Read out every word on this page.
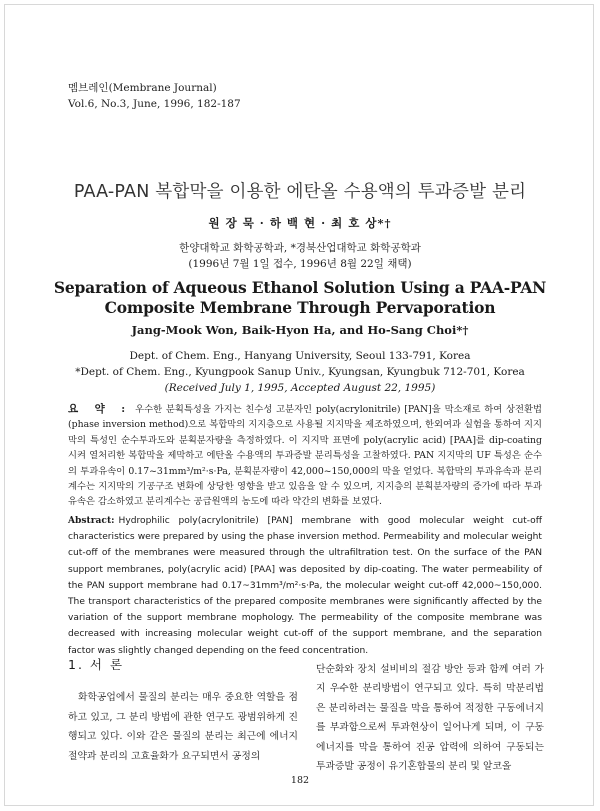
멤브레인(Membrane Journal)
Vol.6, No.3, June, 1996, 182-187
PAA-PAN 복합막을 이용한 에탄올 수용액의 투과증발 분리
원 장 묵 · 하 백 현 · 최 호 상*†
한양대학교 화학공학과, *경북산업대학교 화학공학과
(1996년 7월 1일 접수, 1996년 8월 22일 채택)
Separation of Aqueous Ethanol Solution Using a PAA-PAN
Composite Membrane Through Pervaporation
Jang-Mook Won, Baik-Hyon Ha, and Ho-Sang Choi*†
Dept. of Chem. Eng., Hanyang University, Seoul 133-791, Korea
*Dept. of Chem. Eng., Kyungpook Sanup Univ., Kyungsan, Kyungbuk 712-701, Korea
(Received July 1, 1995, Accepted August 22, 1995)
요 약 : 우수한 분획특성을 가지는 친수성 고분자인 poly(acrylonitrile) [PAN]을 막소재로 하여 상전환법(phase inversion method)으로 복합막의 지지층으로 사용될 지지막을 제조하였으며, 한외여과 실험을 통하여 지지막의 특성인 순수투과도와 분획분자량을 측정하였다. 이 지지막 표면에 poly(acrylic acid) [PAA]를 dip-coating 시켜 열처리한 복합막을 제막하고 에탄올 수용액의 투과증발 분리특성을 고찰하였다. PAN 지지막의 UF 특성은 순수의 투과유속이 0.17~31mm³/m²·s·Pa, 분획분자량이 42,000~150,000의 막을 얻었다. 복합막의 투과유속과 분리계수는 지지막의 기공구조 변화에 상당한 영향을 받고 있음을 알 수 있으며, 지지층의 분획분자량의 증가에 따라 투과유속은 감소하였고 분리계수는 공급원액의 농도에 따라 약간의 변화를 보였다.
Abstract: Hydrophilic poly(acrylonitrile) [PAN] membrane with good molecular weight cut-off characteristics were prepared by using the phase inversion method. Permeability and molecular weight cut-off of the membranes were measured through the ultrafiltration test. On the surface of the PAN support membranes, poly(acrylic acid) [PAA] was deposited by dip-coating. The water permeability of the PAN support membrane had 0.17~31mm³/m²·s·Pa, the molecular weight cut-off 42,000~150,000. The transport characteristics of the prepared composite membranes were significantly affected by the variation of the support membrane mophology. The permeability of the composite membrane was decreased with increasing molecular weight cut-off of the support membrane, and the separation factor was slightly changed depending on the feed concentration.
1. 서 론

화학공업에서 물질의 분리는 매우 중요한 역할을 점하고 있고, 그 분리 방법에 관한 연구도 광범위하게 진행되고 있다. 이와 같은 물질의 분리는 최근에 에너지 절약과 분리의 고효율화가 요구되면서 공정의

단순화와 장치 설비비의 절감 방안 등과 함께 여러 가지 우수한 분리방법이 연구되고 있다. 특히 막분리법은 분리하려는 물질을 막을 통하여 적정한 구동에너지를 부과함으로써 투과현상이 일어나게 되며, 이 구동에너지를 막을 통하여 진공 압력에 의하여 구동되는 투과증발 공정이 유기혼합물의 분리 및 알코올

182
